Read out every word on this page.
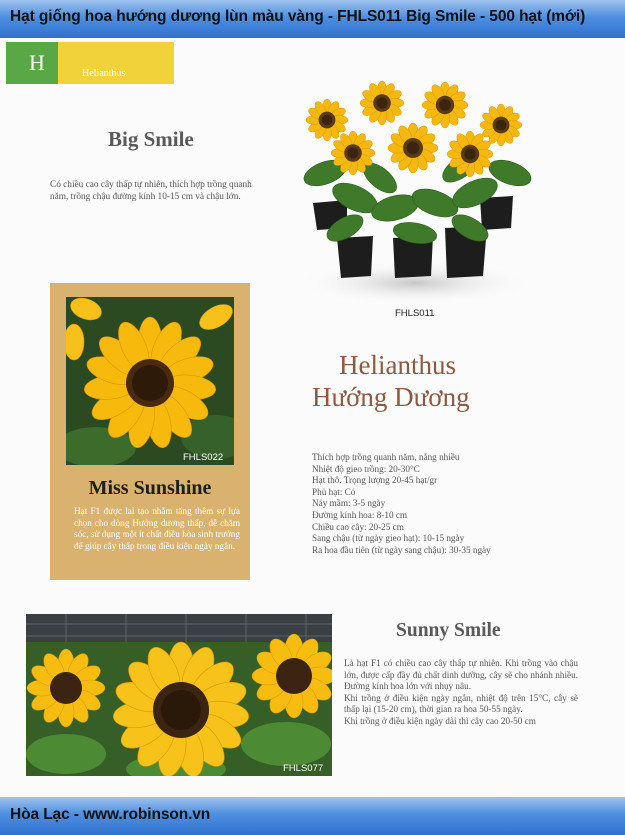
Hạt giống hoa hướng dương lùn màu vàng - FHLS011 Big Smile - 500 hạt (mới)
H	Helianthus
Big Smile
Có chiều cao cây thấp tự nhiên, thích hợp trồng quanh năm, trồng chậu đường kính 10-15 cm và chậu lớn.
FHLS011
FHLS022
Miss Sunshine
Hạt F1 được lai tạo nhằm tăng thêm sự lựa chọn cho dòng Hướng dương thấp, dễ chăm sóc, sử dụng một ít chất điều hòa sinh trưởng để giúp cây thấp trong điều kiện ngày ngắn.
Helianthus
Hướng Dương
Thích hợp trồng quanh năm, nắng nhiều
Nhiệt độ gieo trồng: 20-30°C
Hạt thô. Trọng lượng 20-45 hạt/gr
Phủ hạt: Có
Nảy mầm: 3-5 ngày
Đường kính hoa: 8-10 cm
Chiều cao cây: 20-25 cm
Sang chậu (từ ngày gieo hạt): 10-15 ngày
Ra hoa đầu tiên (từ ngày sang chậu): 30-35 ngày
FHLS077
Sunny Smile

Là hạt F1 có chiều cao cây thấp tự nhiên. Khi trồng vào chậu lớn, được cấp đầy đủ chất dinh dưỡng, cây sẽ cho nhánh nhiều. Đường kính hoa lớn với nhụy nâu.

Khi trồng ở điều kiện ngày ngắn, nhiệt độ trên 15°C, cây sẽ thấp lại (15-20 cm), thời gian ra hoa 50-55 ngày.

Khi trồng ở điều kiện ngày dài thì cây cao 20-50 cm

Hòa Lạc - www.robinson.vn
